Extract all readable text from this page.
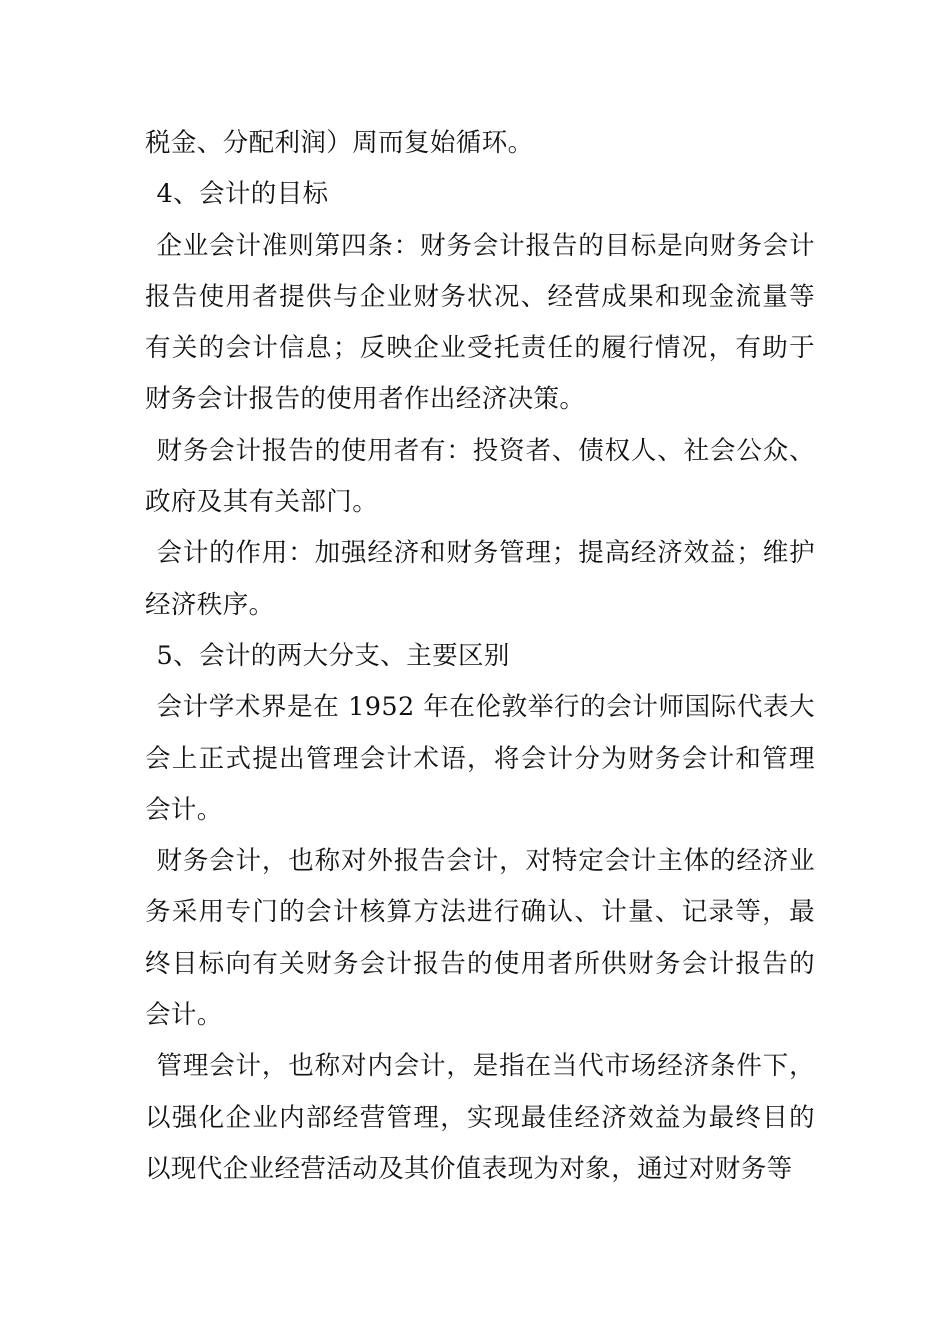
税金、分配利润）周而复始循环。

4、会计的目标

企业会计准则第四条：财务会计报告的目标是向财务会计报告使用者提供与企业财务状况、经营成果和现金流量等有关的会计信息；反映企业受托责任的履行情况，有助于财务会计报告的使用者作出经济决策。

财务会计报告的使用者有：投资者、债权人、社会公众、政府及其有关部门。

会计的作用：加强经济和财务管理；提高经济效益；维护经济秩序。

5、会计的两大分支、主要区别

会计学术界是在 1952 年在伦敦举行的会计师国际代表大会上正式提出管理会计术语，将会计分为财务会计和管理会计。

财务会计，也称对外报告会计，对特定会计主体的经济业务采用专门的会计核算方法进行确认、计量、记录等，最终目标向有关财务会计报告的使用者所供财务会计报告的会计。

管理会计，也称对内会计，是指在当代市场经济条件下，以强化企业内部经营管理，实现最佳经济效益为最终目的以现代企业经营活动及其价值表现为对象，通过对财务等
